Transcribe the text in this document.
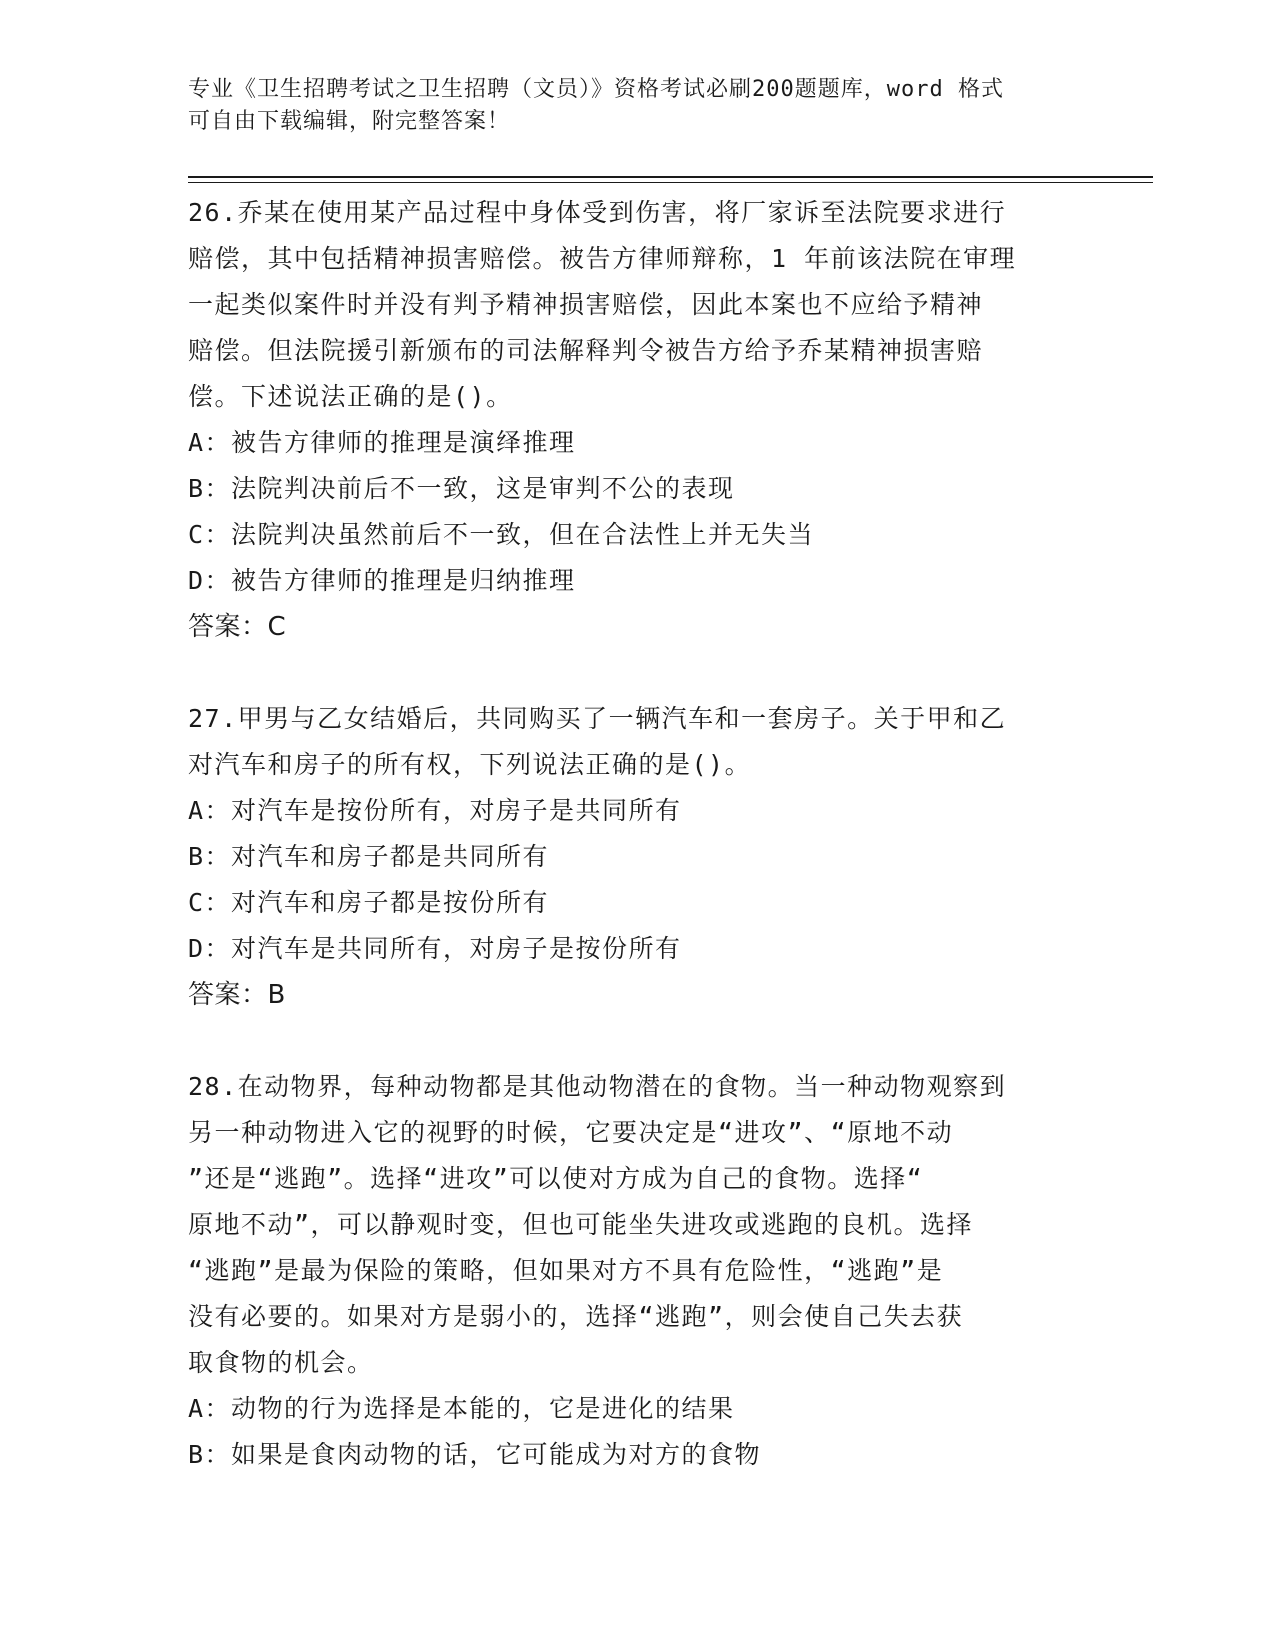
专业《卫生招聘考试之卫生招聘（文员）》资格考试必刷200题题库，word 格式
可自由下载编辑，附完整答案！
26.乔某在使用某产品过程中身体受到伤害，将厂家诉至法院要求进行
赔偿，其中包括精神损害赔偿。被告方律师辩称，1 年前该法院在审理
一起类似案件时并没有判予精神损害赔偿，因此本案也不应给予精神
赔偿。但法院援引新颁布的司法解释判令被告方给予乔某精神损害赔
偿。下述说法正确的是()。
A：被告方律师的推理是演绎推理
B：法院判决前后不一致，这是审判不公的表现
C：法院判决虽然前后不一致，但在合法性上并无失当
D：被告方律师的推理是归纳推理
答案：C
27.甲男与乙女结婚后，共同购买了一辆汽车和一套房子。关于甲和乙
对汽车和房子的所有权，下列说法正确的是()。
A：对汽车是按份所有，对房子是共同所有
B：对汽车和房子都是共同所有
C：对汽车和房子都是按份所有
D：对汽车是共同所有，对房子是按份所有
答案：B
28.在动物界，每种动物都是其他动物潜在的食物。当一种动物观察到
另一种动物进入它的视野的时候，它要决定是“进攻”、“原地不动
”还是“逃跑”。选择“进攻”可以使对方成为自己的食物。选择“
原地不动”，可以静观时变，但也可能坐失进攻或逃跑的良机。选择
“逃跑”是最为保险的策略，但如果对方不具有危险性，“逃跑”是
没有必要的。如果对方是弱小的，选择“逃跑”，则会使自己失去获
取食物的机会。
A：动物的行为选择是本能的，它是进化的结果
B：如果是食肉动物的话，它可能成为对方的食物
